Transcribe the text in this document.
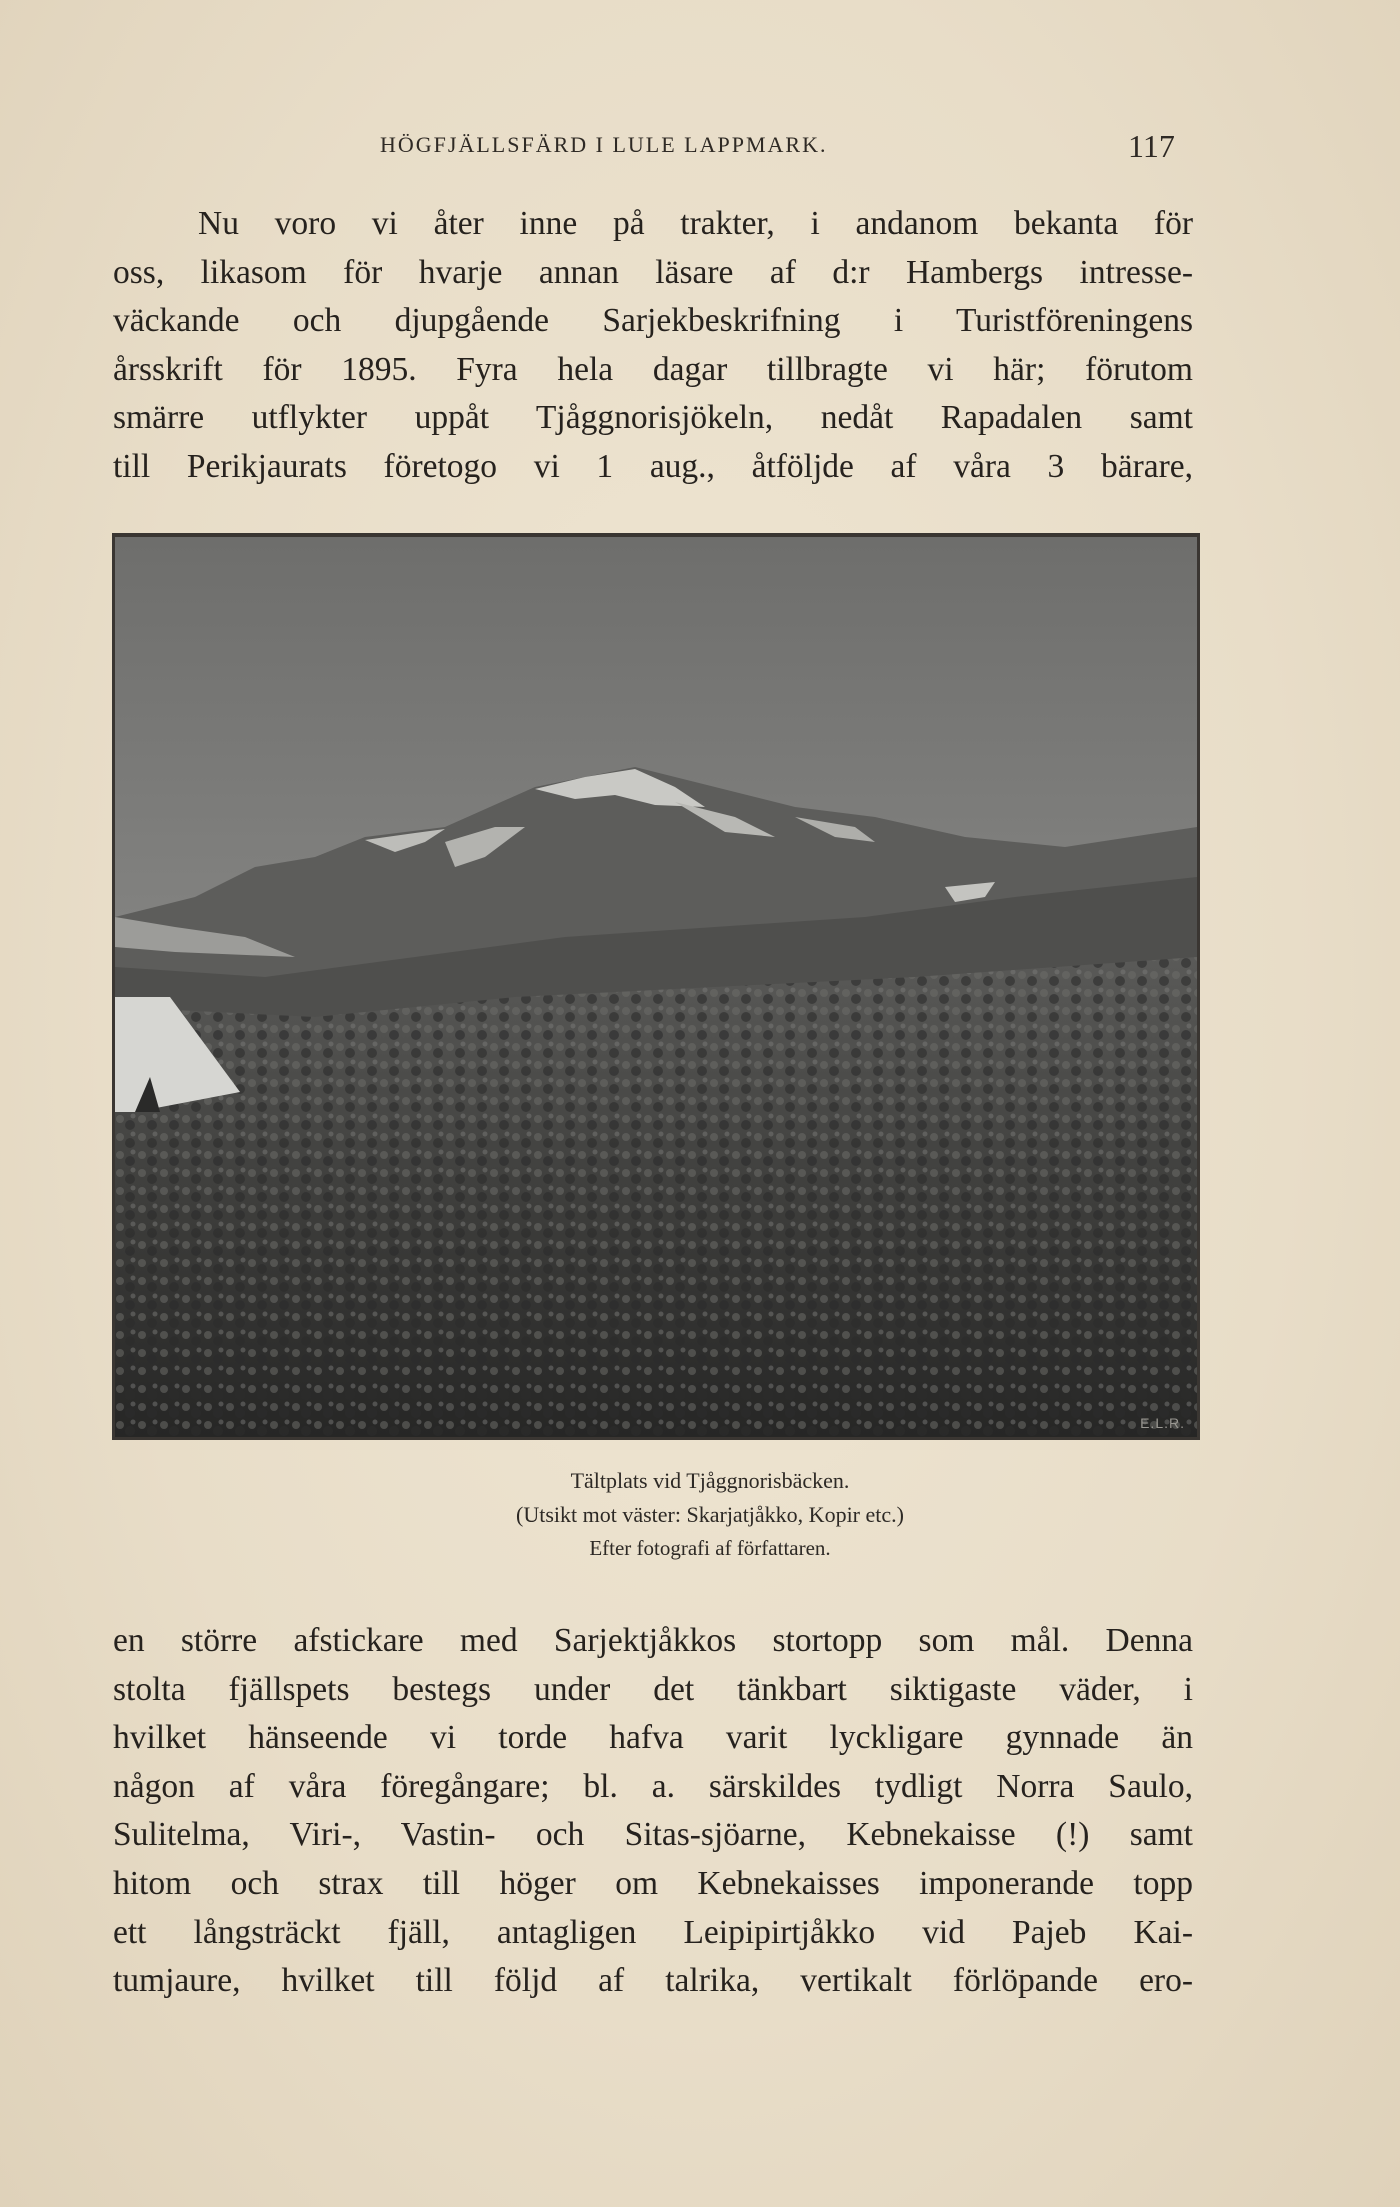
HÖGFJÄLLSFÄRD I LULE LAPPMARK.	117
Nu voro vi åter inne på trakter, i andanom bekanta för
oss, likasom för hvarje annan läsare af d:r Hambergs intresse-
väckande och djupgående Sarjekbeskrifning i Turistföreningens
årsskrift för 1895. Fyra hela dagar tillbragte vi här; förutom
smärre utflykter uppåt Tjåggnorisjökeln, nedåt Rapadalen samt
till Perikjaurats företogo vi 1 aug., åtföljde af våra 3 bärare,
E.L.R.
Tältplats vid Tjåggnorisbäcken.
(Utsikt mot väster: Skarjatjåkko, Kopir etc.)
Efter fotografi af författaren.
en större afstickare med Sarjektjåkkos stortopp som mål. Denna
stolta fjällspets bestegs under det tänkbart siktigaste väder, i
hvilket hänseende vi torde hafva varit lyckligare gynnade än
någon af våra föregångare; bl. a. särskildes tydligt Norra Saulo,
Sulitelma, Viri-, Vastin- och Sitas-sjöarne, Kebnekaisse (!) samt
hitom och strax till höger om Kebnekaisses imponerande topp
ett långsträckt fjäll, antagligen Leipipirtjåkko vid Pajeb Kai-
tumjaure, hvilket till följd af talrika, vertikalt förlöpande ero-
